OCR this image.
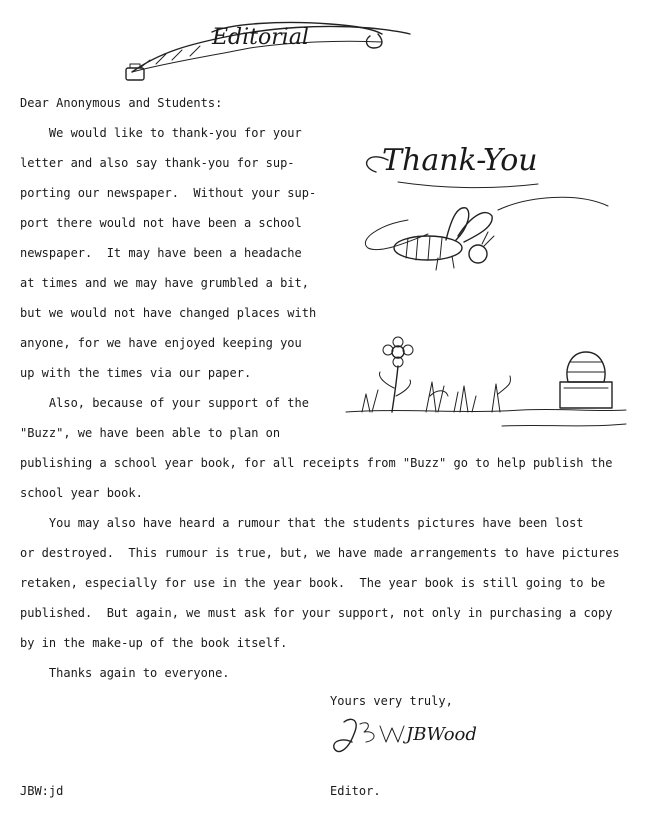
Editorial

Dear Anonymous and Students:

We would like to thank-you for your

letter and also say thank-you for sup-

porting our newspaper.  Without your sup-

port there would not have been a school

newspaper.  It may have been a headache

at times and we may have grumbled a bit,

but we would not have changed places with

anyone, for we have enjoyed keeping you

up with the times via our paper.

Also, because of your support of the

"Buzz", we have been able to plan on

publishing a school year book, for all receipts from "Buzz" go to help publish the

school year book.

You may also have heard a rumour that the students pictures have been lost

or destroyed.  This rumour is true, but, we have made arrangements to have pictures

retaken, especially for use in the year book.  The year book is still going to be

published.  But again, we must ask for your support, not only in purchasing a copy

by in the make-up of the book itself.

Thanks again to everyone.

Thank-You

Yours very truly,

JBWood

JBW:jd	Editor.
